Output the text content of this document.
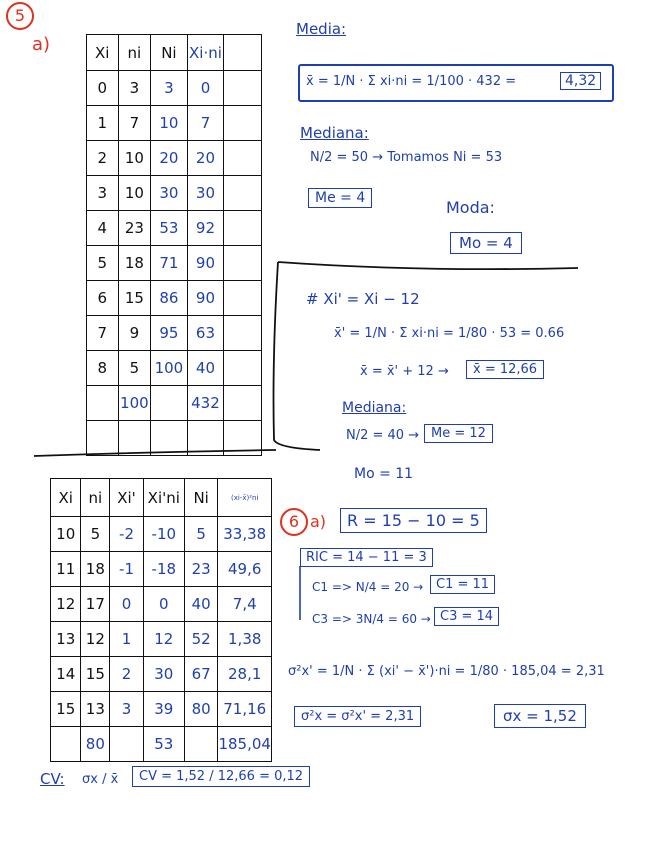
5
a)	Xi	ni	Ni	Xi·ni	
0	3	3	0	
1	7	10	7	
2	10	20	20	
3	10	30	30	
4	23	53	92	
5	18	71	90	
6	15	86	90	
7	9	95	63	
8	5	100	40	
	100		432	

Media:
x̄ = 1/N · Σ xi·ni = 1/100 · 432 =	4,32
Mediana:
N/2 = 50 → Tomamos Ni = 53
Me = 4	Moda:
Mo = 4
# Xi' = Xi − 12
x̄' = 1/N · Σ xi·ni = 1/80 · 53 = 0.66
x̄ = x̄' + 12 →	x̄ = 12,66
Mediana:
N/2 = 40 → Me = 12
Mo = 11
Xi	ni	Xi'	Xi'ni	Ni	(xi-x̄)²ni
10	5	-2	-10	5	33,38
11	18	-1	-18	23	49,6
12	17	0	0	40	7,4
13	12	1	12	52	1,38
14	15	2	30	67	28,1
15	13	3	39	80	71,16
	80		53		185,04
6 a)	R = 15 − 10 = 5
RIC = 14 − 11 = 3
C1 => N/4 = 20 → C1 = 11
C3 => 3N/4 = 60 → C3 = 14
σ²x' = 1/N · Σ (xi' − x̄')·ni = 1/80 · 185,04 = 2,31
σ²x = σ²x' = 2,31	σx = 1,52
CV: σx / x̄	CV = 1,52 / 12,66 = 0,12
